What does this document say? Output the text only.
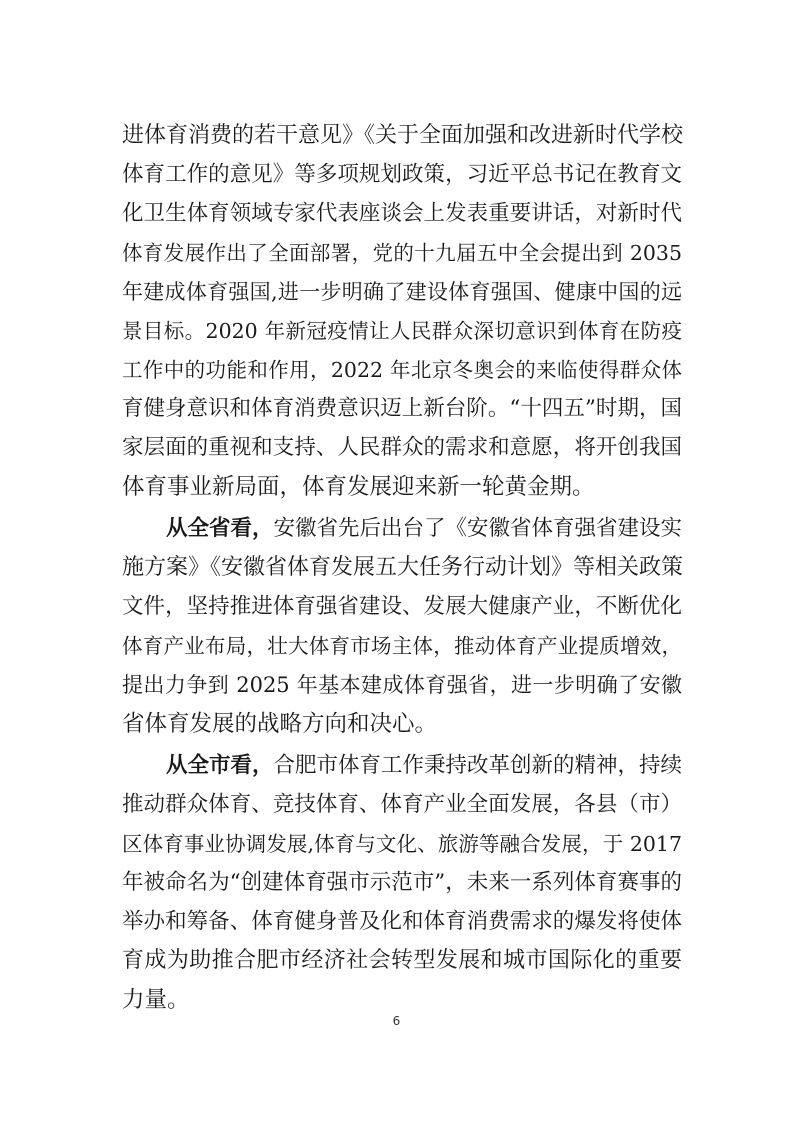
进体育消费的若干意见》《关于全面加强和改进新时代学校
体育工作的意见》等多项规划政策，习近平总书记在教育文
化卫生体育领域专家代表座谈会上发表重要讲话，对新时代
体育发展作出了全面部署，党的十九届五中全会提出到 2035
年建成体育强国,进一步明确了建设体育强国、健康中国的远
景目标。2020 年新冠疫情让人民群众深切意识到体育在防疫
工作中的功能和作用，2022 年北京冬奥会的来临使得群众体
育健身意识和体育消费意识迈上新台阶。“十四五”时期，国
家层面的重视和支持、人民群众的需求和意愿，将开创我国
体育事业新局面，体育发展迎来新一轮黄金期。
从全省看，安徽省先后出台了《安徽省体育强省建设实
施方案》《安徽省体育发展五大任务行动计划》等相关政策
文件，坚持推进体育强省建设、发展大健康产业，不断优化
体育产业布局，壮大体育市场主体，推动体育产业提质增效，
提出力争到 2025 年基本建成体育强省，进一步明确了安徽
省体育发展的战略方向和决心。
从全市看，合肥市体育工作秉持改革创新的精神，持续
推动群众体育、竞技体育、体育产业全面发展，各县（市）
区体育事业协调发展,体育与文化、旅游等融合发展，于 2017
年被命名为“创建体育强市示范市”，未来一系列体育赛事的
举办和筹备、体育健身普及化和体育消费需求的爆发将使体
育成为助推合肥市经济社会转型发展和城市国际化的重要
力量。
6
